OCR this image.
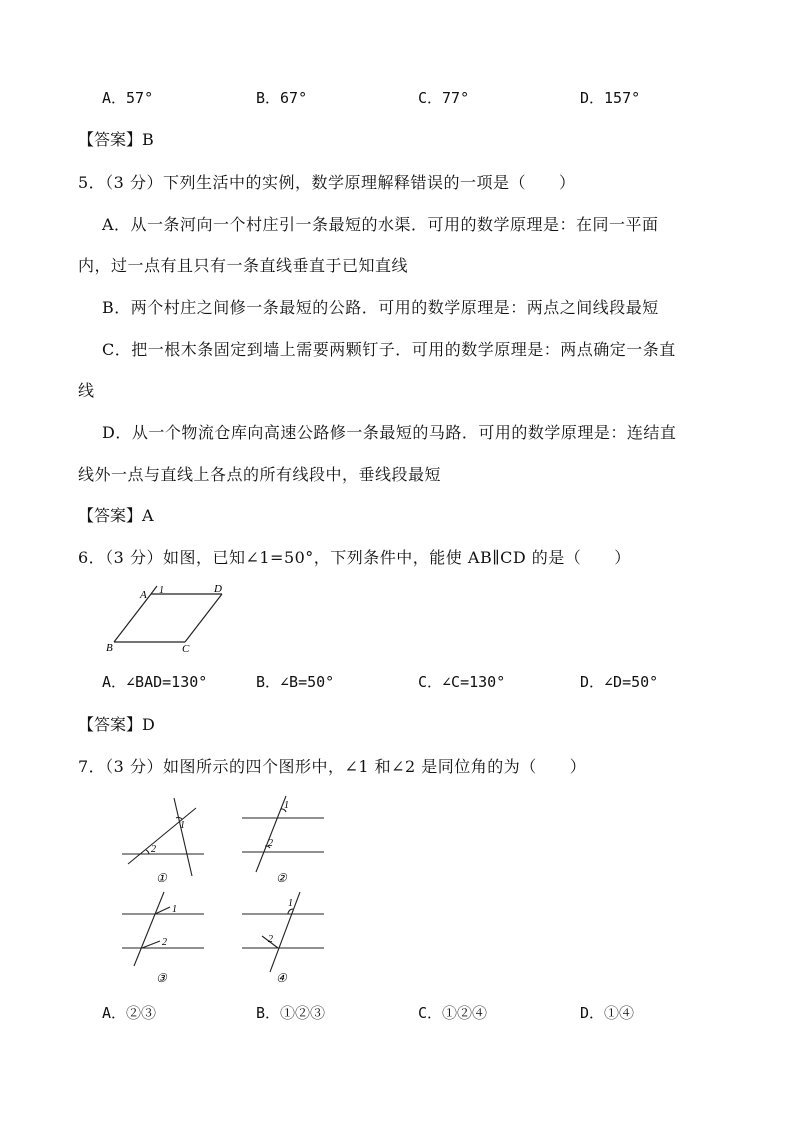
A．57°	B．67°	C．77°	D．157°
【答案】B
5．（3 分）下列生活中的实例，数学原理解释错误的一项是（　　）
A．从一条河向一个村庄引一条最短的水渠．可用的数学原理是：在同一平面
内，过一点有且只有一条直线垂直于已知直线
B．两个村庄之间修一条最短的公路．可用的数学原理是：两点之间线段最短
C．把一根木条固定到墙上需要两颗钉子．可用的数学原理是：两点确定一条直
线
D．从一个物流仓库向高速公路修一条最短的马路．可用的数学原理是：连结直
线外一点与直线上各点的所有线段中，垂线段最短
【答案】A
6．（3 分）如图，已知∠1=50°，下列条件中，能使 AB∥CD 的是（　　）
A 1	D
B	C
A．∠BAD=130°	B．∠B=50°	C．∠C=130°	D．∠D=50°
【答案】D
7．（3 分）如图所示的四个图形中，∠1 和∠2 是同位角的为（　　）
1
2
①
1
2
②
1
2
③
1
2
④
A．②③	B．①②③	C．①②④	D．①④
